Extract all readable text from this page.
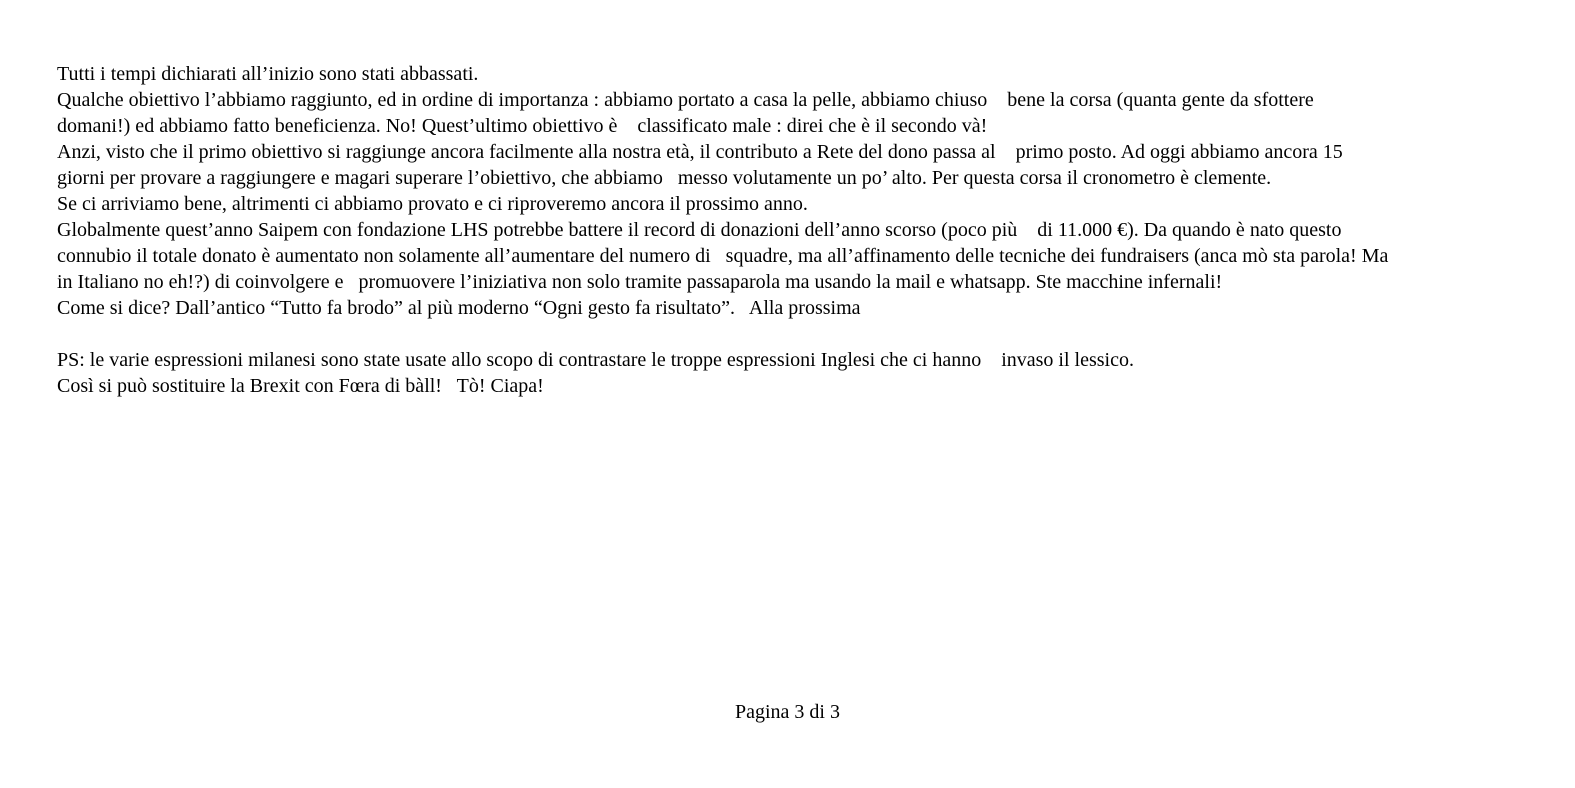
Tutti i tempi dichiarati all’inizio sono stati abbassati.
Qualche obiettivo l’abbiamo raggiunto, ed in ordine di importanza : abbiamo portato a casa la pelle, abbiamo chiuso    bene la corsa (quanta gente da sfottere
domani!) ed abbiamo fatto beneficienza. No! Quest’ultimo obiettivo è    classificato male : direi che è il secondo và!
Anzi, visto che il primo obiettivo si raggiunge ancora facilmente alla nostra età, il contributo a Rete del dono passa al    primo posto. Ad oggi abbiamo ancora 15
giorni per provare a raggiungere e magari superare l’obiettivo, che abbiamo   messo volutamente un po’ alto. Per questa corsa il cronometro è clemente.
Se ci arriviamo bene, altrimenti ci abbiamo provato e ci riproveremo ancora il prossimo anno.
Globalmente quest’anno Saipem con fondazione LHS potrebbe battere il record di donazioni dell’anno scorso (poco più    di 11.000 €). Da quando è nato questo
connubio il totale donato è aumentato non solamente all’aumentare del numero di   squadre, ma all’affinamento delle tecniche dei fundraisers (anca mò sta parola! Ma
in Italiano no eh!?) di coinvolgere e   promuovere l’iniziativa non solo tramite passaparola ma usando la mail e whatsapp. Ste macchine infernali!
Come si dice? Dall’antico “Tutto fa brodo” al più moderno “Ogni gesto fa risultato”.   Alla prossima
PS: le varie espressioni milanesi sono state usate allo scopo di contrastare le troppe espressioni Inglesi che ci hanno    invaso il lessico.
Così si può sostituire la Brexit con Fœra di bàll!   Tò! Ciapa!
Pagina 3 di 3
